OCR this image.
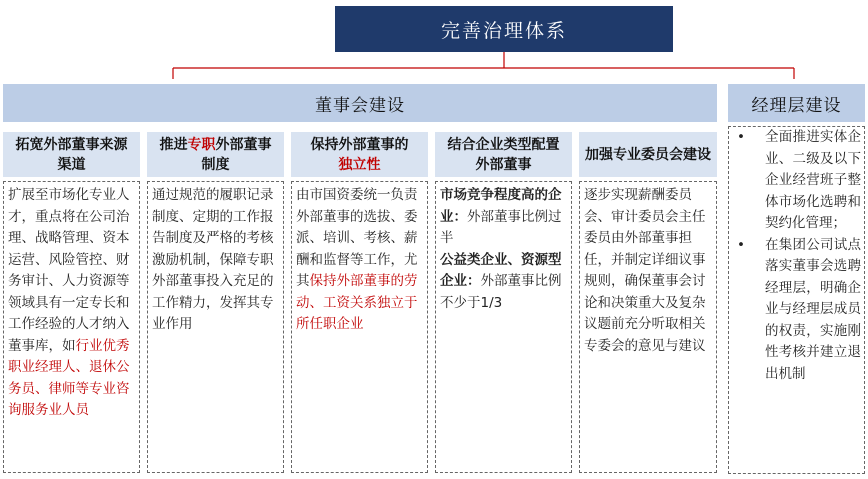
完善治理体系
董事会建设	经理层建设
拓宽外部董事来源渠道
扩展至市场化专业人才，重点将在公司治理、战略管理、资本运营、风险管控、财务审计、人力资源等领域具有一定专长和工作经验的人才纳入董事库，如行业优秀职业经理人、退休公务员、律师等专业咨询服务业人员
推进专职外部董事制度
通过规范的履职记录制度、定期的工作报告制度及严格的考核激励机制，保障专职外部董事投入充足的工作精力，发挥其专业作用
保持外部董事的
独立性
由市国资委统一负责外部董事的选拔、委派、培训、考核、薪酬和监督等工作，尤其保持外部董事的劳动、工资关系独立于所任职企业
结合企业类型配置外部董事
市场竞争程度高的企业：外部董事比例过半
公益类企业、资源型企业：外部董事比例不少于1/3
加强专业委员会建设
逐步实现薪酬委员会、审计委员会主任委员由外部董事担任，并制定详细议事规则，确保董事会讨论和决策重大及复杂议题前充分听取相关专委会的意见与建议
• 全面推进实体企业、二级及以下企业经营班子整体市场化选聘和契约化管理；
• 在集团公司试点落实董事会选聘经理层，明确企业与经理层成员的权责，实施刚性考核并建立退出机制
